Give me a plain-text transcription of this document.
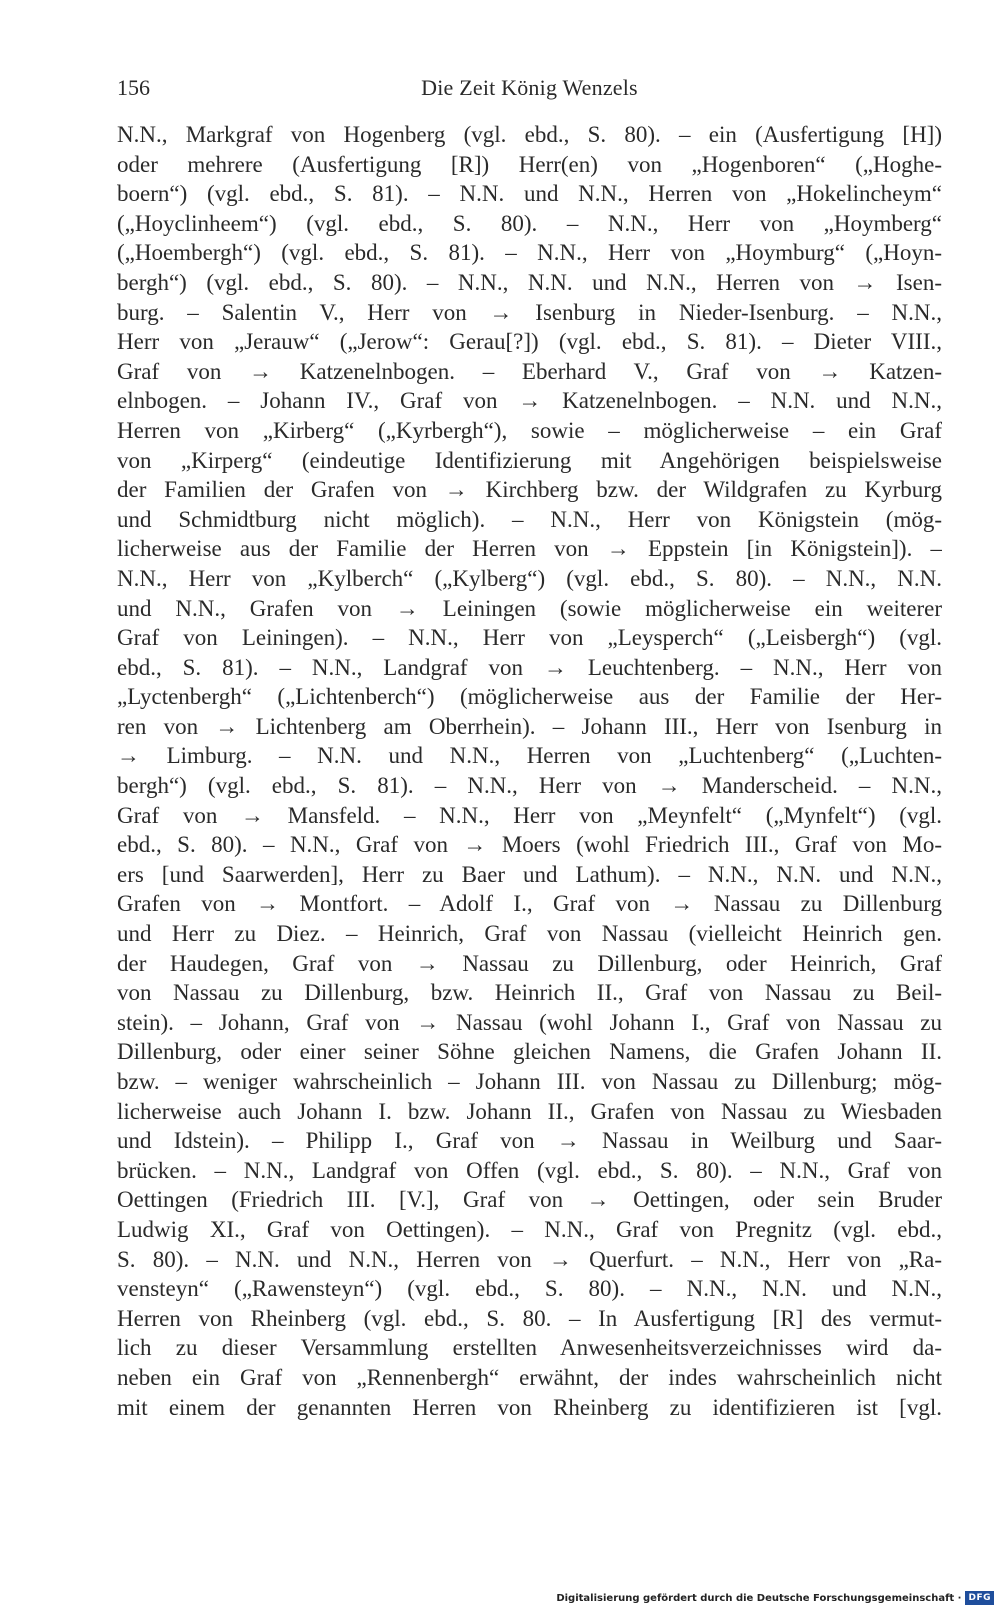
156	Die Zeit König Wenzels
N.N., Markgraf von Hogenberg (vgl. ebd., S. 80). – ein (Ausfertigung [H])
oder mehrere (Ausfertigung [R]) Herr(en) von „Hogenboren“ („Hoghe-
boern“) (vgl. ebd., S. 81). – N.N. und N.N., Herren von „Hokelincheym“
(„Hoyclinheem“) (vgl. ebd., S. 80). – N.N., Herr von „Hoymberg“
(„Hoembergh“) (vgl. ebd., S. 81). – N.N., Herr von „Hoymburg“ („Hoyn-
bergh“) (vgl. ebd., S. 80). – N.N., N.N. und N.N., Herren von → Isen-
burg. – Salentin V., Herr von → Isenburg in Nieder-Isenburg. – N.N.,
Herr von „Jerauw“ („Jerow“: Gerau[?]) (vgl. ebd., S. 81). – Dieter VIII.,
Graf von → Katzenelnbogen. – Eberhard V., Graf von → Katzen-
elnbogen. – Johann IV., Graf von → Katzenelnbogen. – N.N. und N.N.,
Herren von „Kirberg“ („Kyrbergh“), sowie – möglicherweise – ein Graf
von „Kirperg“ (eindeutige Identifizierung mit Angehörigen beispielsweise
der Familien der Grafen von → Kirchberg bzw. der Wildgrafen zu Kyrburg
und Schmidtburg nicht möglich). – N.N., Herr von Königstein (mög-
licherweise aus der Familie der Herren von → Eppstein [in Königstein]). –
N.N., Herr von „Kylberch“ („Kylberg“) (vgl. ebd., S. 80). – N.N., N.N.
und N.N., Grafen von → Leiningen (sowie möglicherweise ein weiterer
Graf von Leiningen). – N.N., Herr von „Leysperch“ („Leisbergh“) (vgl.
ebd., S. 81). – N.N., Landgraf von → Leuchtenberg. – N.N., Herr von
„Lyctenbergh“ („Lichtenberch“) (möglicherweise aus der Familie der Her-
ren von → Lichtenberg am Oberrhein). – Johann III., Herr von Isenburg in
→ Limburg. – N.N. und N.N., Herren von „Luchtenberg“ („Luchten-
bergh“) (vgl. ebd., S. 81). – N.N., Herr von → Manderscheid. – N.N.,
Graf von → Mansfeld. – N.N., Herr von „Meynfelt“ („Mynfelt“) (vgl.
ebd., S. 80). – N.N., Graf von → Moers (wohl Friedrich III., Graf von Mo-
ers [und Saarwerden], Herr zu Baer und Lathum). – N.N., N.N. und N.N.,
Grafen von → Montfort. – Adolf I., Graf von → Nassau zu Dillenburg
und Herr zu Diez. – Heinrich, Graf von Nassau (vielleicht Heinrich gen.
der Haudegen, Graf von → Nassau zu Dillenburg, oder Heinrich, Graf
von Nassau zu Dillenburg, bzw. Heinrich II., Graf von Nassau zu Beil-
stein). – Johann, Graf von → Nassau (wohl Johann I., Graf von Nassau zu
Dillenburg, oder einer seiner Söhne gleichen Namens, die Grafen Johann II.
bzw. – weniger wahrscheinlich – Johann III. von Nassau zu Dillenburg; mög-
licherweise auch Johann I. bzw. Johann II., Grafen von Nassau zu Wiesbaden
und Idstein). – Philipp I., Graf von → Nassau in Weilburg und Saar-
brücken. – N.N., Landgraf von Offen (vgl. ebd., S. 80). – N.N., Graf von
Oettingen (Friedrich III. [V.], Graf von → Oettingen, oder sein Bruder
Ludwig XI., Graf von Oettingen). – N.N., Graf von Pregnitz (vgl. ebd.,
S. 80). – N.N. und N.N., Herren von → Querfurt. – N.N., Herr von „Ra-
vensteyn“ („Rawensteyn“) (vgl. ebd., S. 80). – N.N., N.N. und N.N.,
Herren von Rheinberg (vgl. ebd., S. 80. – In Ausfertigung [R] des vermut-
lich zu dieser Versammlung erstellten Anwesenheitsverzeichnisses wird da-
neben ein Graf von „Rennenbergh“ erwähnt, der indes wahrscheinlich nicht
mit einem der genannten Herren von Rheinberg zu identifizieren ist [vgl.
Digitalisierung gefördert durch die Deutsche Forschungsgemeinschaft · DFG
